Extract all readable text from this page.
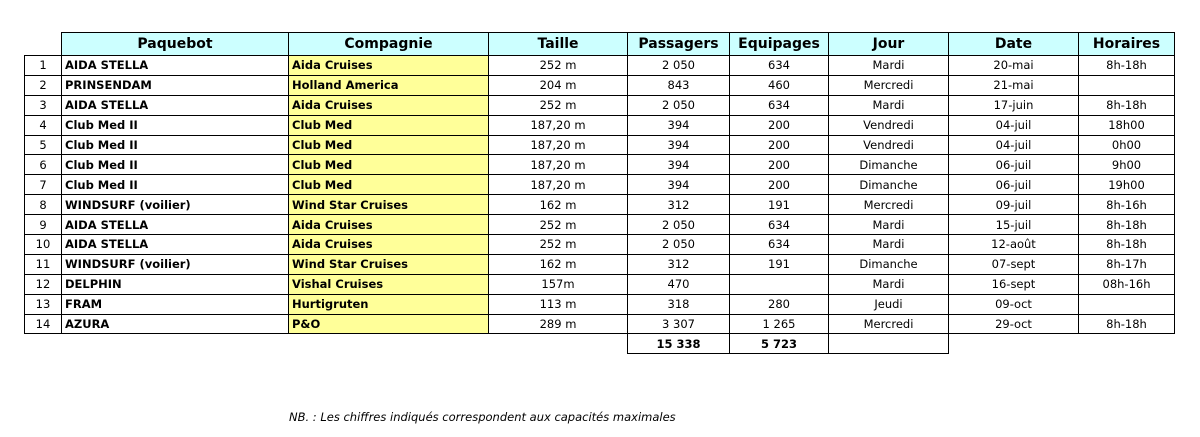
	Paquebot	Compagnie	Taille	Passagers	Equipages	Jour	Date	Horaires
1	AIDA STELLA	Aida Cruises	252 m	2 050	634	Mardi	20-mai	8h-18h
2	PRINSENDAM	Holland America	204 m	843	460	Mercredi	21-mai	
3	AIDA STELLA	Aida Cruises	252 m	2 050	634	Mardi	17-juin	8h-18h
4	Club Med II	Club Med	187,20 m	394	200	Vendredi	04-juil	18h00
5	Club Med II	Club Med	187,20 m	394	200	Vendredi	04-juil	0h00
6	Club Med II	Club Med	187,20 m	394	200	Dimanche	06-juil	9h00
7	Club Med II	Club Med	187,20 m	394	200	Dimanche	06-juil	19h00
8	WINDSURF (voilier)	Wind Star Cruises	162 m	312	191	Mercredi	09-juil	8h-16h
9	AIDA STELLA	Aida Cruises	252 m	2 050	634	Mardi	15-juil	8h-18h
10	AIDA STELLA	Aida Cruises	252 m	2 050	634	Mardi	12-août	8h-18h
11	WINDSURF (voilier)	Wind Star Cruises	162 m	312	191	Dimanche	07-sept	8h-17h
12	DELPHIN	Vishal Cruises	157m	470		Mardi	16-sept	08h-16h
13	FRAM	Hurtigruten	113 m	318	280	Jeudi	09-oct	
14	AZURA	P&O	289 m	3 307	1 265	Mercredi	29-oct	8h-18h
				15 338	5 723			
NB. : Les chiffres indiqués correspondent aux capacités maximales
